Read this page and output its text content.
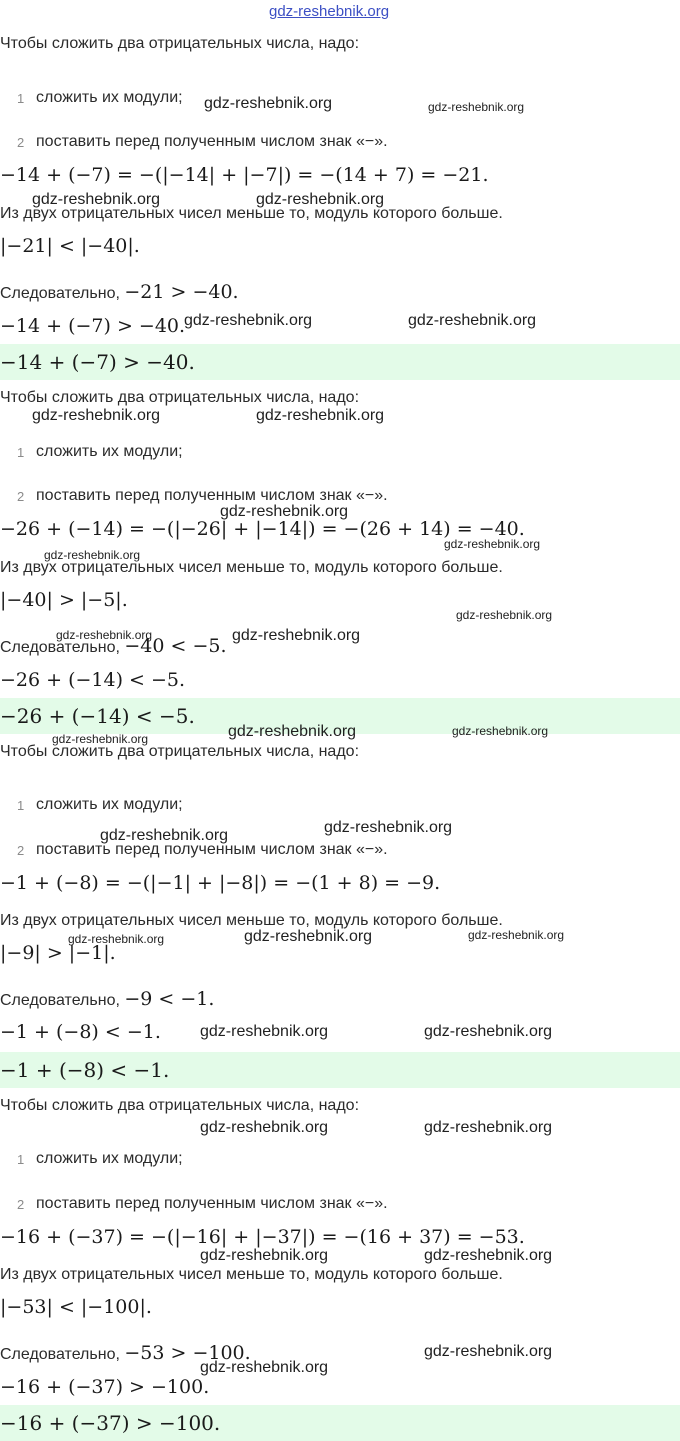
gdz-reshebnik.org
Чтобы сложить два отрицательных числа, надо:
1 сложить их модули;
2 поставить перед полученным числом знак «−».
−14 + (−7) = −(|−14| + |−7|) = −(14 + 7) = −21.
Из двух отрицательных чисел меньше то, модуль которого больше.
|−21| < |−40|.
Следовательно, −21 > −40.
−14 + (−7) > −40.
−14 + (−7) > −40.
Чтобы сложить два отрицательных числа, надо:
1 сложить их модули;
2 поставить перед полученным числом знак «−».
−26 + (−14) = −(|−26| + |−14|) = −(26 + 14) = −40.
Из двух отрицательных чисел меньше то, модуль которого больше.
|−40| > |−5|.
Следовательно, −40 < −5.
−26 + (−14) < −5.
−26 + (−14) < −5.
Чтобы сложить два отрицательных числа, надо:
1 сложить их модули;
2 поставить перед полученным числом знак «−».
−1 + (−8) = −(|−1| + |−8|) = −(1 + 8) = −9.
Из двух отрицательных чисел меньше то, модуль которого больше.
|−9| > |−1|.
Следовательно, −9 < −1.
−1 + (−8) < −1.
−1 + (−8) < −1.
Чтобы сложить два отрицательных числа, надо:
1 сложить их модули;
2 поставить перед полученным числом знак «−».
−16 + (−37) = −(|−16| + |−37|) = −(16 + 37) = −53.
Из двух отрицательных чисел меньше то, модуль которого больше.
|−53| < |−100|.
Следовательно, −53 > −100.
−16 + (−37) > −100.
−16 + (−37) > −100.
gdz-reshebnik.org	gdz-reshebnik.org
gdz-reshebnik.org	gdz-reshebnik.org
gdz-reshebnik.org	gdz-reshebnik.org
gdz-reshebnik.org	gdz-reshebnik.org
gdz-reshebnik.org
gdz-reshebnik.org
gdz-reshebnik.org
gdz-reshebnik.org
gdz-reshebnik.org	gdz-reshebnik.org
gdz-reshebnik.org	gdz-reshebnik.org
gdz-reshebnik.org
gdz-reshebnik.org
gdz-reshebnik.org
gdz-reshebnik.org	gdz-reshebnik.org
gdz-reshebnik.org
gdz-reshebnik.org	gdz-reshebnik.org
gdz-reshebnik.org	gdz-reshebnik.org
gdz-reshebnik.org	gdz-reshebnik.org
gdz-reshebnik.org
gdz-reshebnik.org
